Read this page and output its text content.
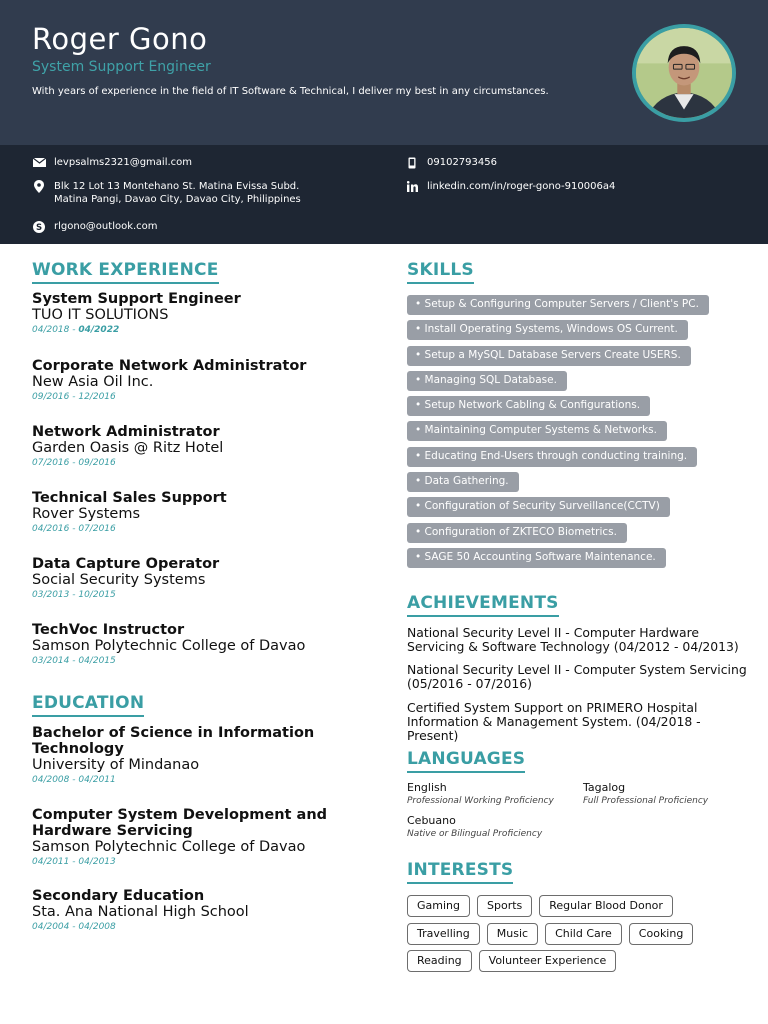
Roger Gono
System Support Engineer
With years of experience in the field of IT Software & Technical, I deliver my best in any circumstances.
levpsalms2321@gmail.com	09102793456
Blk 12 Lot 13 Montehano St. Matina Evissa Subd.
Matina Pangi, Davao City, Davao City, Philippines
linkedin.com/in/roger-gono-910006a4
S rlgono@outlook.com
WORK EXPERIENCE
System Support Engineer
TUO IT SOLUTIONS
04/2018 - 04/2022
Corporate Network Administrator
New Asia Oil Inc.
09/2016 - 12/2016
Network Administrator
Garden Oasis @ Ritz Hotel
07/2016 - 09/2016
Technical Sales Support
Rover Systems
04/2016 - 07/2016
Data Capture Operator
Social Security Systems
03/2013 - 10/2015
TechVoc Instructor
Samson Polytechnic College of Davao
03/2014 - 04/2015
EDUCATION
Bachelor of Science in Information Technology
University of Mindanao
04/2008 - 04/2011
Computer System Development and Hardware Servicing
Samson Polytechnic College of Davao
04/2011 - 04/2013
Secondary Education
Sta. Ana National High School
04/2004 - 04/2008
SKILLS
• Setup & Configuring Computer Servers / Client's PC.
• Install Operating Systems, Windows OS Current.
• Setup a MySQL Database Servers Create USERS.
• Managing SQL Database.
• Setup Network Cabling & Configurations.
• Maintaining Computer Systems & Networks.
• Educating End-Users through conducting training.
• Data Gathering.
• Configuration of Security Surveillance(CCTV)
• Configuration of ZKTECO Biometrics.
• SAGE 50 Accounting Software Maintenance.
ACHIEVEMENTS
National Security Level II - Computer Hardware Servicing & Software Technology (04/2012 - 04/2013)
National Security Level II - Computer System Servicing (05/2016 - 07/2016)
Certified System Support on PRIMERO Hospital Information & Management System. (04/2018 - Present)
LANGUAGES
English
Professional Working Proficiency
Tagalog
Full Professional Proficiency
Cebuano
Native or Bilingual Proficiency
INTERESTS
Gaming	Sports	Regular Blood Donor
Travelling	Music	Child Care	Cooking
Reading	Volunteer Experience
